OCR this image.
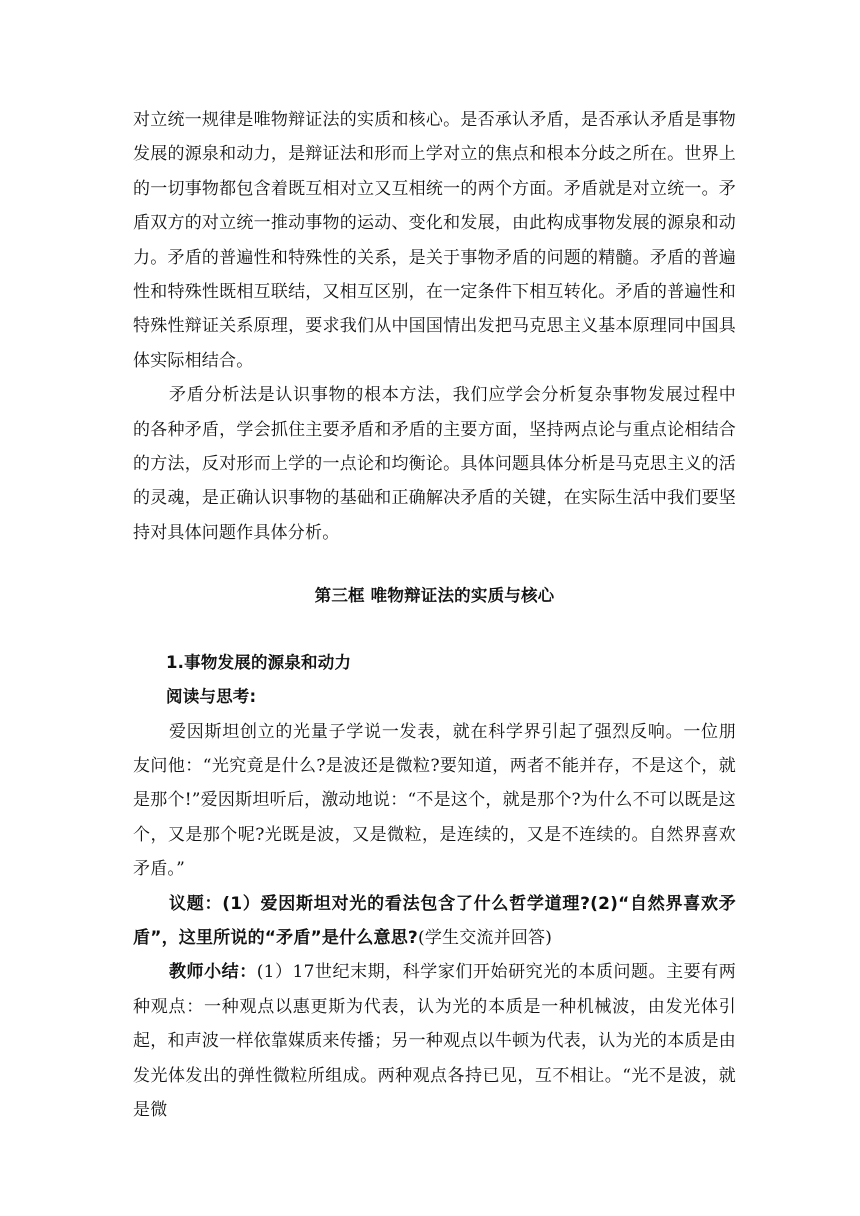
对立统一规律是唯物辩证法的实质和核心。是否承认矛盾，是否承认矛盾是事物发展的源泉和动力，是辩证法和形而上学对立的焦点和根本分歧之所在。世界上的一切事物都包含着既互相对立又互相统一的两个方面。矛盾就是对立统一。矛盾双方的对立统一推动事物的运动、变化和发展，由此构成事物发展的源泉和动力。矛盾的普遍性和特殊性的关系，是关于事物矛盾的问题的精髓。矛盾的普遍性和特殊性既相互联结，又相互区别，在一定条件下相互转化。矛盾的普遍性和特殊性辩证关系原理，要求我们从中国国情出发把马克思主义基本原理同中国具体实际相结合。

矛盾分析法是认识事物的根本方法，我们应学会分析复杂事物发展过程中的各种矛盾，学会抓住主要矛盾和矛盾的主要方面，坚持两点论与重点论相结合的方法，反对形而上学的一点论和均衡论。具体问题具体分析是马克思主义的活的灵魂，是正确认识事物的基础和正确解决矛盾的关键，在实际生活中我们要坚持对具体问题作具体分析。

第三框 唯物辩证法的实质与核心

1.事物发展的源泉和动力

阅读与思考:

爱因斯坦创立的光量子学说一发表，就在科学界引起了强烈反响。一位朋友问他：“光究竟是什么?是波还是微粒?要知道，两者不能并存，不是这个，就是那个!”爱因斯坦听后，激动地说：“不是这个，就是那个?为什么不可以既是这个，又是那个呢?光既是波，又是微粒，是连续的，又是不连续的。自然界喜欢矛盾。”

议题：(1）爱因斯坦对光的看法包含了什么哲学道理?(2)“自然界喜欢矛盾”，这里所说的“矛盾”是什么意思?(学生交流并回答)

教师小结：(1）17世纪末期，科学家们开始研究光的本质问题。主要有两种观点：一种观点以惠更斯为代表，认为光的本质是一种机械波，由发光体引起，和声波一样依靠媒质来传播；另一种观点以牛顿为代表，认为光的本质是由发光体发出的弹性微粒所组成。两种观点各持已见，互不相让。“光不是波，就是微
